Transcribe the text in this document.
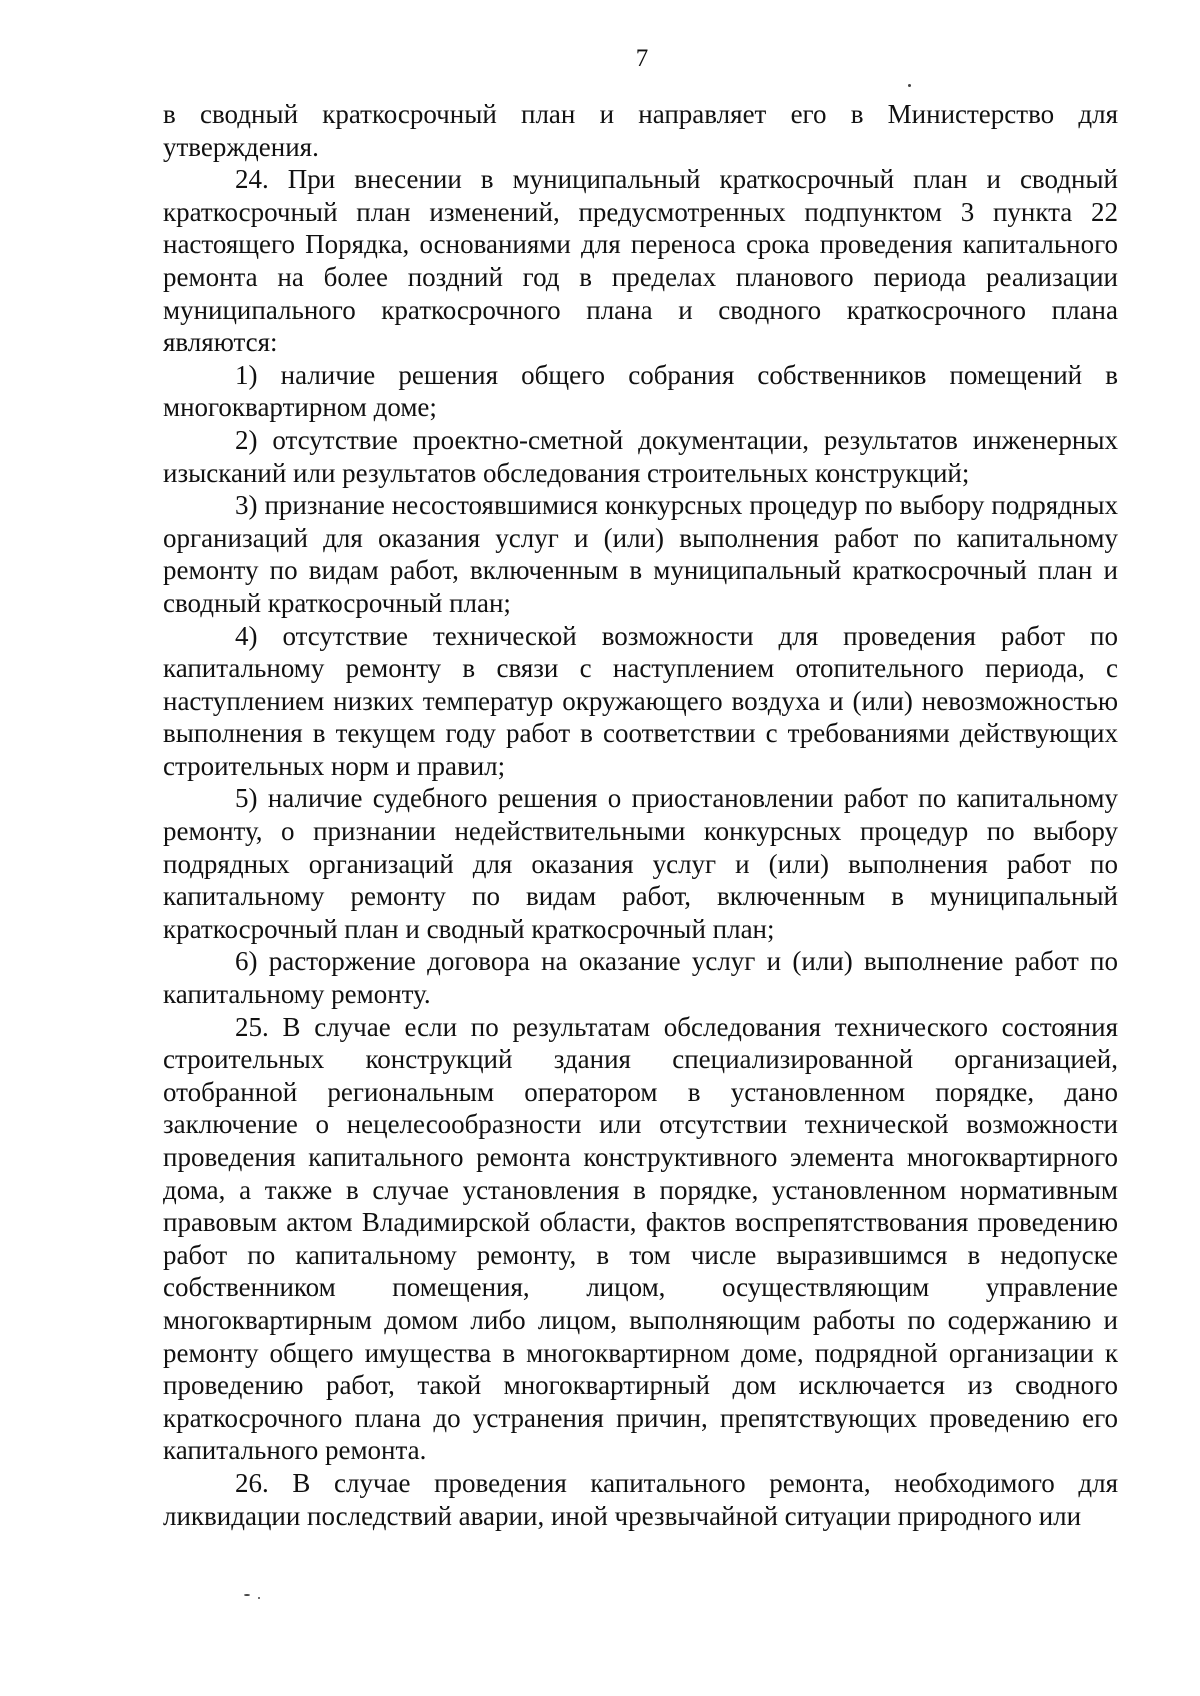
7

в сводный краткосрочный план и направляет его в Министерство для утверждения.

24. При внесении в муниципальный краткосрочный план и сводный краткосрочный план изменений, предусмотренных подпунктом 3 пункта 22 настоящего Порядка, основаниями для переноса срока проведения капитального ремонта на более поздний год в пределах планового периода реализации муниципального краткосрочного плана и сводного краткосрочного плана являются:

1) наличие решения общего собрания собственников помещений в многоквартирном доме;

2) отсутствие проектно-сметной документации, результатов инженерных изысканий или результатов обследования строительных конструкций;

3) признание несостоявшимися конкурсных процедур по выбору подрядных организаций для оказания услуг и (или) выполнения работ по капитальному ремонту по видам работ, включенным в муниципальный краткосрочный план и сводный краткосрочный план;

4) отсутствие технической возможности для проведения работ по капитальному ремонту в связи с наступлением отопительного периода, с наступлением низких температур окружающего воздуха и (или) невозможностью выполнения в текущем году работ в соответствии с требованиями действующих строительных норм и правил;

5) наличие судебного решения о приостановлении работ по капитальному ремонту, о признании недействительными конкурсных процедур по выбору подрядных организаций для оказания услуг и (или) выполнения работ по капитальному ремонту по видам работ, включенным в муниципальный краткосрочный план и сводный краткосрочный план;

6) расторжение договора на оказание услуг и (или) выполнение работ по капитальному ремонту.

25. В случае если по результатам обследования технического состояния строительных конструкций здания специализированной организацией, отобранной региональным оператором в установленном порядке, дано заключение о нецелесообразности или отсутствии технической возможности проведения капитального ремонта конструктивного элемента многоквартирного дома, а также в случае установления в порядке, установленном нормативным правовым актом Владимирской области, фактов воспрепятствования проведению работ по капитальному ремонту, в том числе выразившимся в недопуске собственником помещения, лицом, осуществляющим управление многоквартирным домом либо лицом, выполняющим работы по содержанию и ремонту общего имущества в многоквартирном доме, подрядной организации к проведению работ, такой многоквартирный дом исключается из сводного краткосрочного плана до устранения причин, препятствующих проведению его капитального ремонта.

26. В случае проведения капитального ремонта, необходимого для ликвидации последствий аварии, иной чрезвычайной ситуации природного или
